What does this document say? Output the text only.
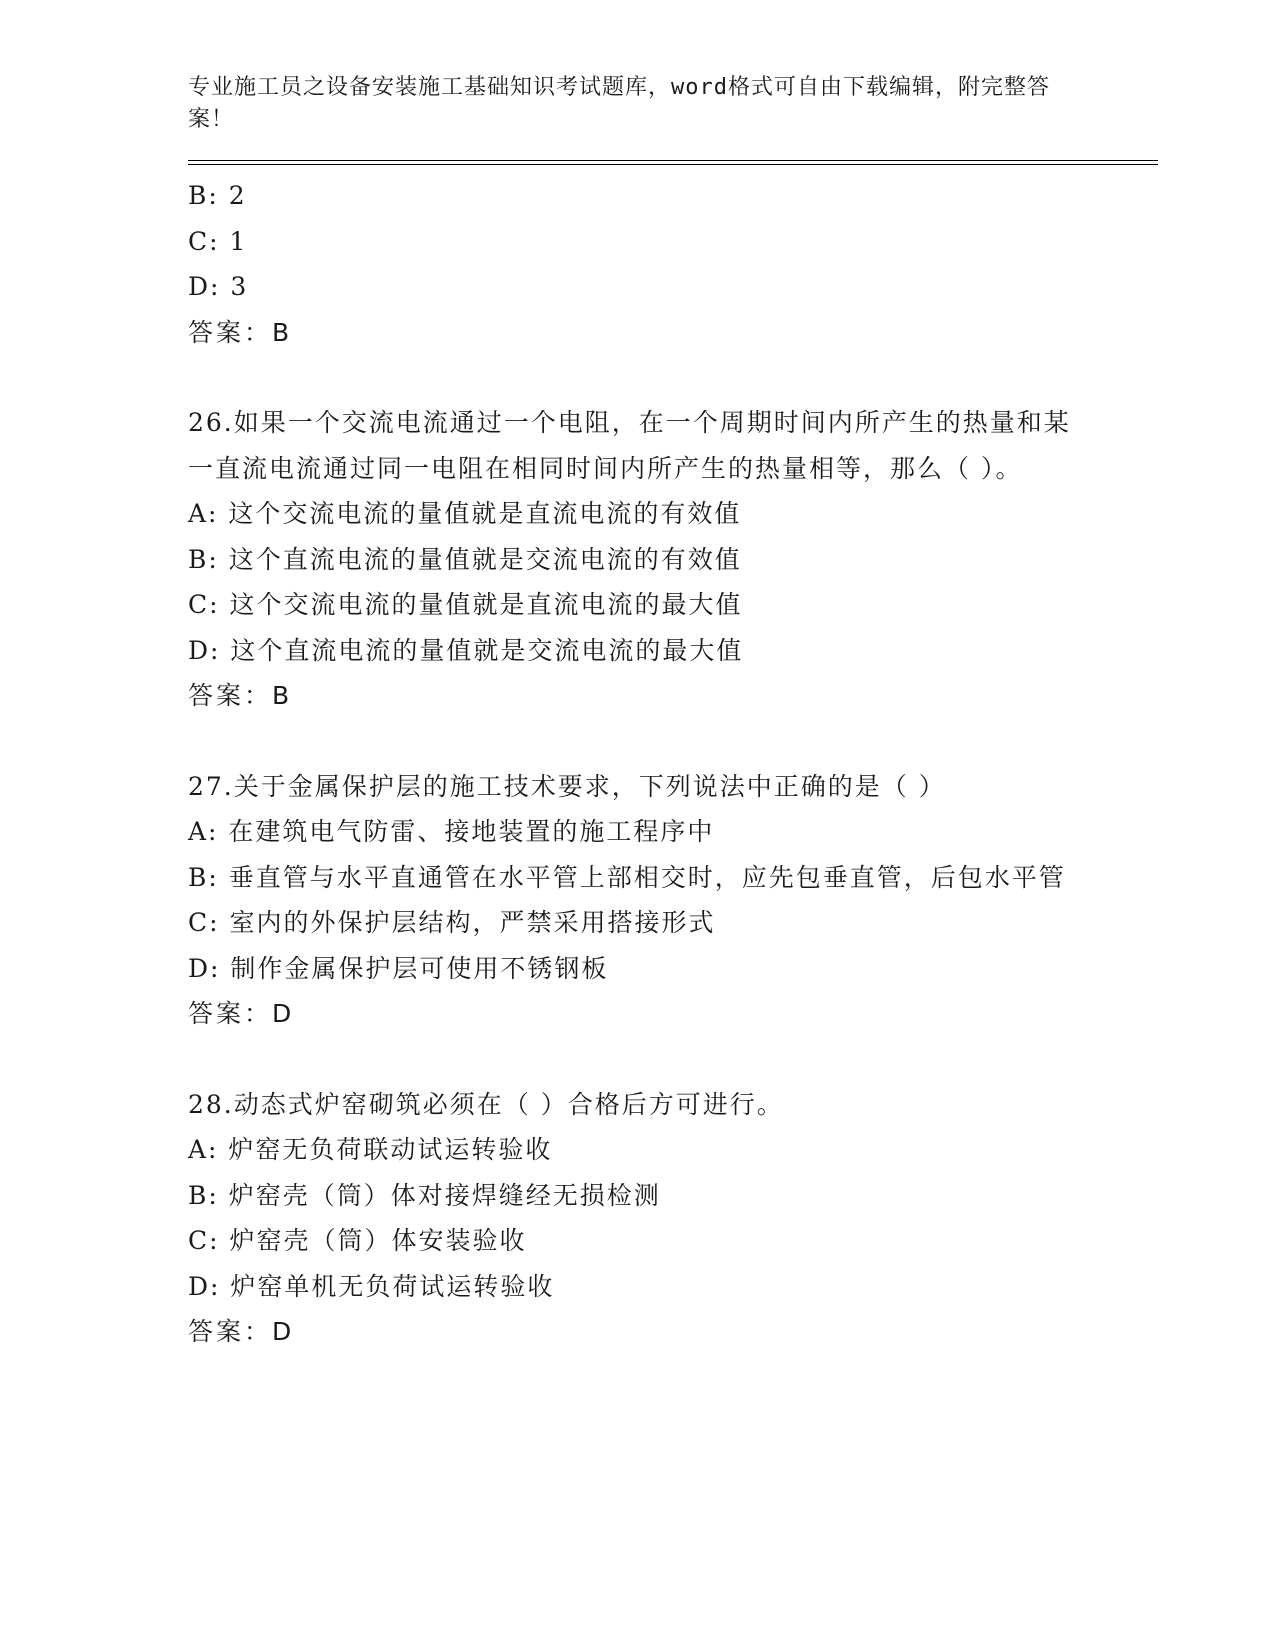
专业施工员之设备安装施工基础知识考试题库，word格式可自由下载编辑，附完整答案！

B: 2

C: 1

D: 3

答案：B

26.如果一个交流电流通过一个电阻，在一个周期时间内所产生的热量和某一直流电流通过同一电阻在相同时间内所产生的热量相等，那么（ ）。

A: 这个交流电流的量值就是直流电流的有效值

B: 这个直流电流的量值就是交流电流的有效值

C: 这个交流电流的量值就是直流电流的最大值

D: 这个直流电流的量值就是交流电流的最大值

答案：B

27.关于金属保护层的施工技术要求，下列说法中正确的是（ ）

A: 在建筑电气防雷、接地装置的施工程序中

B: 垂直管与水平直通管在水平管上部相交时，应先包垂直管，后包水平管

C: 室内的外保护层结构，严禁采用搭接形式

D: 制作金属保护层可使用不锈钢板

答案：D

28.动态式炉窑砌筑必须在（ ）合格后方可进行。

A: 炉窑无负荷联动试运转验收

B: 炉窑壳（筒）体对接焊缝经无损检测

C: 炉窑壳（筒）体安装验收

D: 炉窑单机无负荷试运转验收

答案：D
